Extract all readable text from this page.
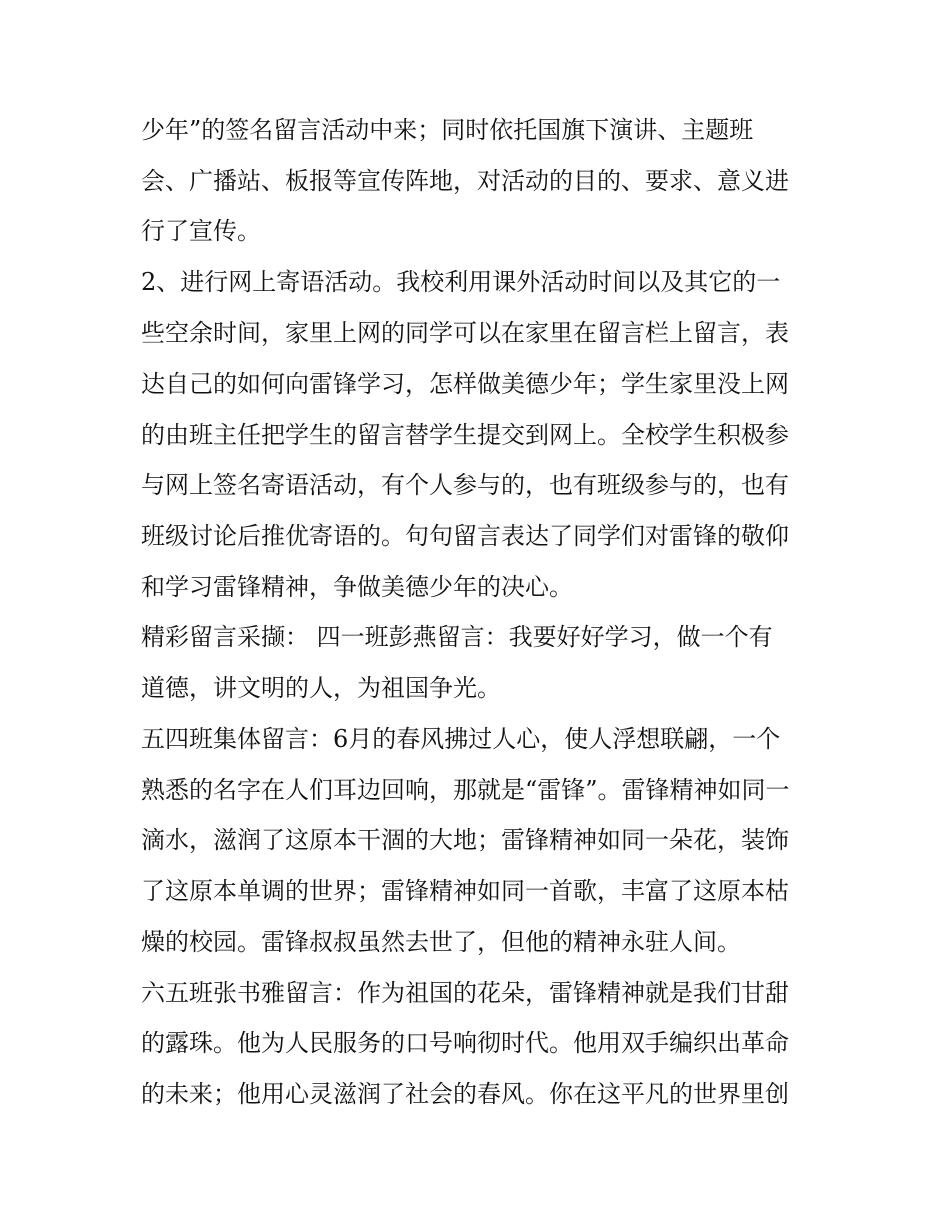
少年”的签名留言活动中来；同时依托国旗下演讲、主题班
会、广播站、板报等宣传阵地，对活动的目的、要求、意义进
行了宣传。
2、进行网上寄语活动。我校利用课外活动时间以及其它的一
些空余时间，家里上网的同学可以在家里在留言栏上留言，表
达自己的如何向雷锋学习，怎样做美德少年；学生家里没上网
的由班主任把学生的留言替学生提交到网上。全校学生积极参
与网上签名寄语活动，有个人参与的，也有班级参与的，也有
班级讨论后推优寄语的。句句留言表达了同学们对雷锋的敬仰
和学习雷锋精神，争做美德少年的决心。
精彩留言采撷： 四一班彭燕留言：我要好好学习，做一个有
道德，讲文明的人，为祖国争光。
五四班集体留言：6月的春风拂过人心，使人浮想联翩，一个
熟悉的名字在人们耳边回响，那就是“雷锋”。雷锋精神如同一
滴水，滋润了这原本干涸的大地；雷锋精神如同一朵花，装饰
了这原本单调的世界；雷锋精神如同一首歌，丰富了这原本枯
燥的校园。雷锋叔叔虽然去世了，但他的精神永驻人间。
六五班张书雅留言：作为祖国的花朵，雷锋精神就是我们甘甜
的露珠。他为人民服务的口号响彻时代。他用双手编织出革命
的未来；他用心灵滋润了社会的春风。你在这平凡的世界里创
